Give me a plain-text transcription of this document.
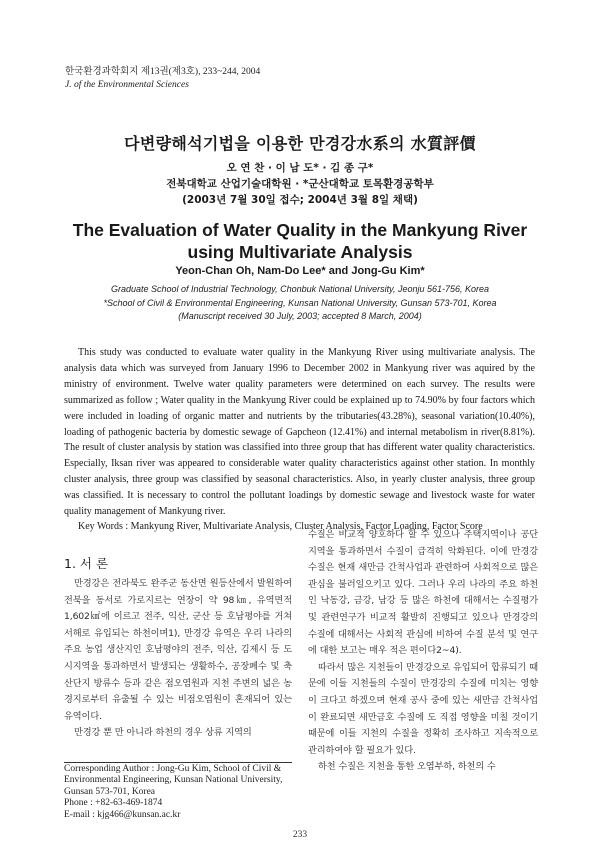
한국환경과학회지 제13권(제3호), 233~244, 2004
J. of the Environmental Sciences
다변량해석기법을 이용한 만경강水系의 水質評價
오 연 찬 · 이 남 도* · 김 종 구*
전북대학교 산업기술대학원 · *군산대학교 토목환경공학부
(2003년 7월 30일 접수; 2004년 3월 8일 채택)
The Evaluation of Water Quality in the Mankyung River
using Multivariate Analysis
Yeon-Chan Oh, Nam-Do Lee* and Jong-Gu Kim*
Graduate School of Industrial Technology, Chonbuk National University, Jeonju 561-756, Korea
*School of Civil & Environmental Engineering, Kunsan National University, Gunsan 573-701, Korea
(Manuscript received 30 July, 2003; accepted 8 March, 2004)
This study was conducted to evaluate water quality in the Mankyung River using multivariate analysis. The analysis data which was surveyed from January 1996 to December 2002 in Mankyung river was aquired by the ministry of environment. Twelve water quality parameters were determined on each survey. The results were summarized as follow ; Water quality in the Mankyung River could be explained up to 74.90% by four factors which were included in loading of organic matter and nutrients by the tributaries(43.28%), seasonal variation(10.40%), loading of pathogenic bacteria by domestic sewage of Gapcheon (12.41%) and internal metabolism in river(8.81%). The result of cluster analysis by station was classified into three group that has different water quality characteristics. Especially, Iksan river was appeared to considerable water quality characteristics against other station. In monthly cluster analysis, three group was classified by seasonal characteristics. Also, in yearly cluster analysis, three group was classified. It is necessary to control the pollutant loadings by domestic sewage and livestock waste for water quality management of Mankyung river.
Key Words : Mankyung River, Multivariate Analysis, Cluster Analysis, Factor Loading, Factor Score
1. 서 론

만경강은 전라북도 완주군 동산면 원등산에서 발원하여 전북을 동서로 가로지르는 연장이 약 98㎞, 유역면적 1,602㎢에 이르고 전주, 익산, 군산 등 호남평야를 거쳐 서해로 유입되는 하천이며1), 만경강 유역은 우리 나라의 주요 농업 생산지인 호남평야의 전주, 익산, 김제시 등 도시지역을 통과하면서 발생되는 생활하수, 공장폐수 및 축산단지 방류수 등과 같은 점오염원과 지천 주변의 넓은 농경지로부터 유출될 수 있는 비점오염원이 혼재되어 있는 유역이다.

만경강 뿐 만 아니라 하천의 경우 상류 지역의

수질은 비교적 양호하다 할 수 있으나 주택지역이나 공단지역을 통과하면서 수질이 급격히 악화된다. 이에 만경강 수질은 현재 새만금 간척사업과 관련하여 사회적으로 많은 관심을 불러일으키고 있다. 그러나 우리 나라의 주요 하천인 낙동강, 금강, 남강 등 많은 하천에 대해서는 수질평가 및 관련연구가 비교적 활발히 진행되고 있으나 만경강의 수질에 대해서는 사회적 관심에 비하여 수질 분석 및 연구에 대한 보고는 매우 적은 편이다2~4).

따라서 많은 지천들이 만경강으로 유입되어 합류되기 때문에 이들 지천들의 수질이 만경강의 수질에 미치는 영향이 크다고 하겠으며 현재 공사 중에 있는 새만금 간척사업이 완료되면 새만금호 수질에 도 직접 영향을 미칠 것이기 때문에 이들 지천의 수질을 정확히 조사하고 지속적으로 관리하여야 할 필요가 있다.

하천 수질은 지천을 통한 오염부하, 하천의 수

Corresponding Author : Jong-Gu Kim, School of Civil & Environmental Engineering, Kunsan National University, Gunsan 573-701, Korea
Phone : +82-63-469-1874
E-mail : kjg466@kunsan.ac.kr
233
